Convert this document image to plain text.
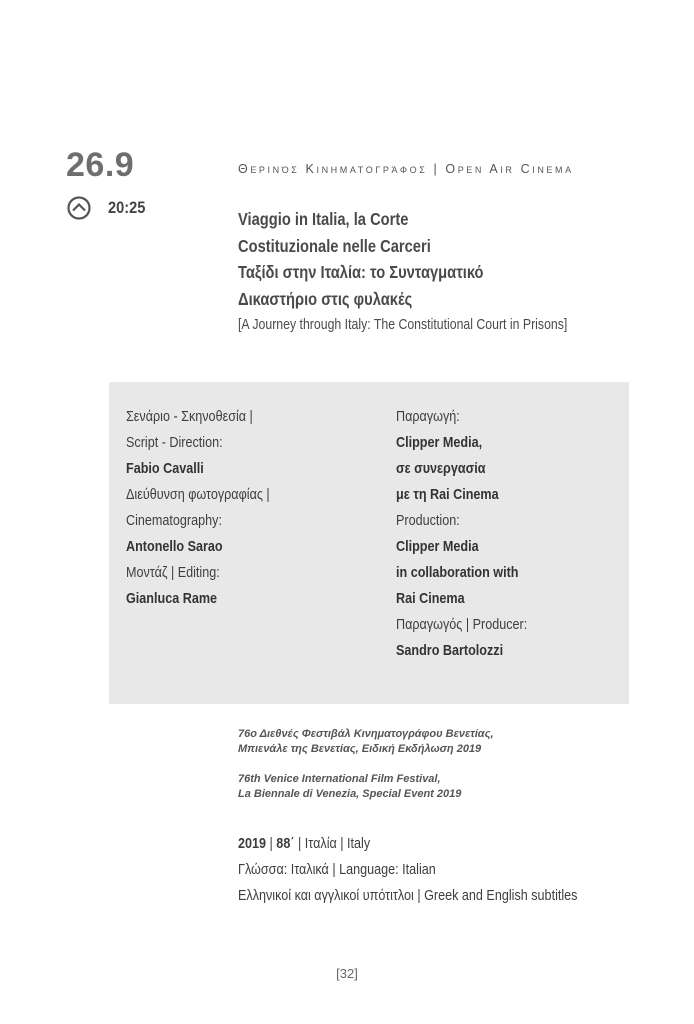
26.9
20:25
Θερινός Κινηματογράφος | Open Air Cinema
Viaggio in Italia, la Corte
Costituzionale nelle Carceri
Ταξίδι στην Ιταλία: το Συνταγματικό
Δικαστήριο στις φυλακές
[A Journey through Italy: The Constitutional Court in Prisons]
Σενάριο - Σκηνοθεσία |
Script - Direction:
Fabio Cavalli
Διεύθυνση φωτογραφίας |
Cinematography:
Antonello Sarao
Μοντάζ | Editing:
Gianluca Rame
Παραγωγή:
Clipper Media,
σε συνεργασία
με τη Rai Cinema
Production:
Clipper Media
in collaboration with
Rai Cinema
Παραγωγός | Producer:
Sandro Bartolozzi
76ο Διεθνές Φεστιβάλ Κινηματογράφου Βενετίας,
Μπιενάλε της Βενετίας, Ειδική Εκδήλωση 2019
76th Venice International Film Festival,
La Biennale di Venezia, Special Event 2019
2019 | 88΄ | Ιταλία | Italy
Γλώσσα: Ιταλικά | Language: Italian
Ελληνικοί και αγγλικοί υπότιτλοι | Greek and English subtitles
[32]
